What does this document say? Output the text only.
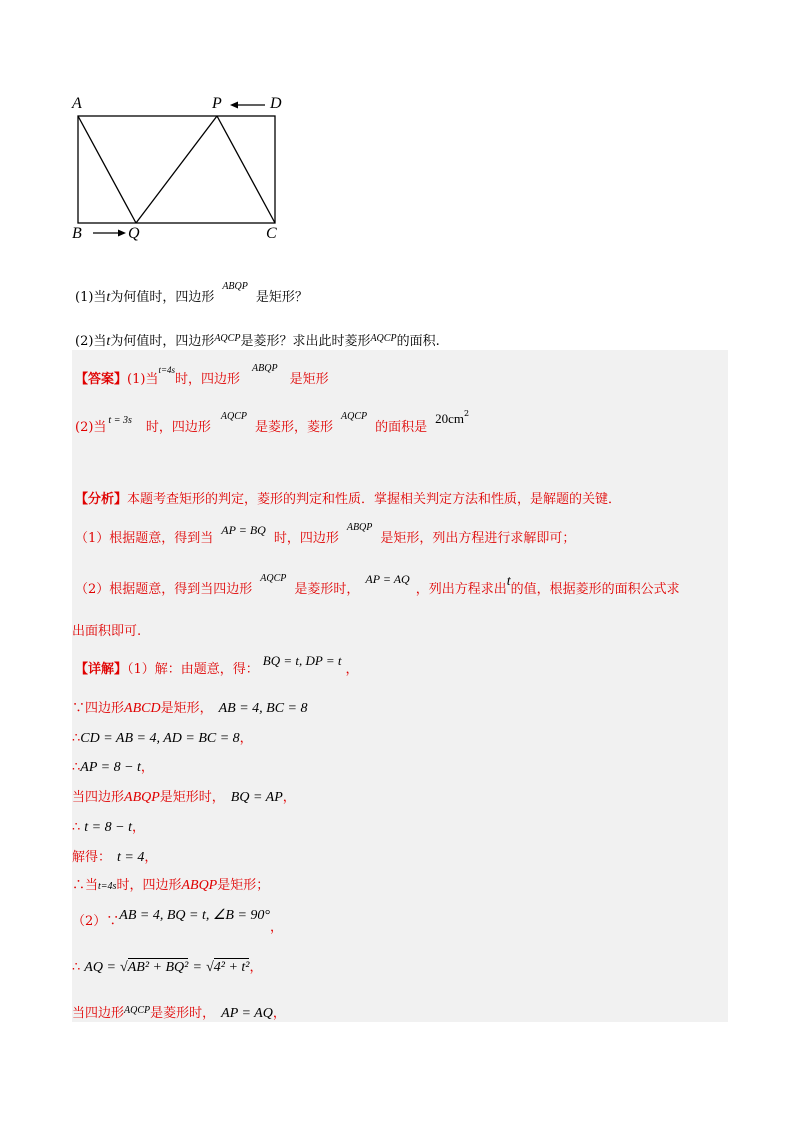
A	P	D
B	Q	C
(1)当t为何值时，四边形$^{ABQP}$是矩形？
(2)当t为何值时，四边形$^{AQCP}$是菱形？求出此时菱形$^{AQCP}$的面积.
【答案】(1)当$^{t=4s}$时，四边形$^{ABQP}$是矩形
(2)当 $^{t = 3s}$ 时，四边形$^{AQCP}$是菱形，菱形$^{AQCP}$的面积是$20cm^2$
【分析】本题考查矩形的判定，菱形的判定和性质．掌握相关判定方法和性质，是解题的关键．
（1）根据题意，得到当AP = BQ时，四边形$^{ABQP}$是矩形，列出方程进行求解即可；
（2）根据题意，得到当四边形$^{AQCP}$是菱形时，AP = AQ，列出方程求出t的值，根据菱形的面积公式求
出面积即可.
【详解】（1）解：由题意，得：BQ = t, DP = t，
∵四边形ABCD是矩形， AB = 4, BC = 8
∴CD = AB = 4, AD = BC = 8，
∴AP = 8 − t，
当四边形ABQP是矩形时， BQ = AP，
∴ t = 8 − t，
解得： t = 4，
∴当t=4s时，四边形ABQP是矩形；
（2）∵AB = 4, BQ = t, ∠B = 90°，
∴ AQ = √AB² + BQ² = √4² + t²，
当四边形$^{AQCP}$是菱形时， AP = AQ，
